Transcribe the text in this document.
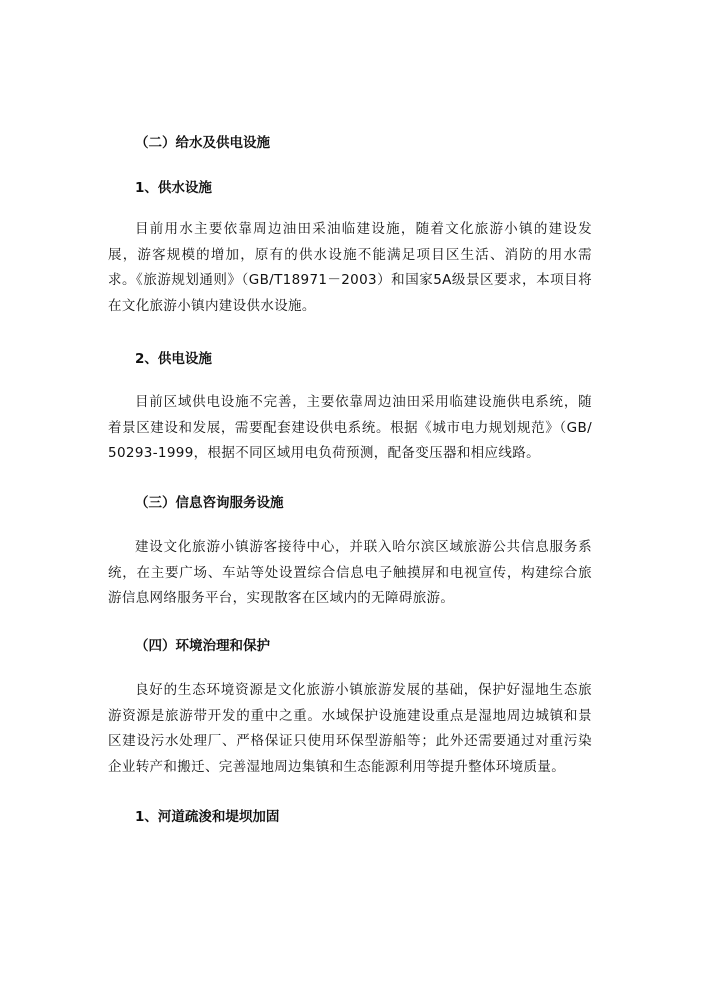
（二）给水及供电设施
1、供水设施
目前用水主要依靠周边油田采油临建设施，随着文化旅游小镇的建设发展，游客规模的增加，原有的供水设施不能满足项目区生活、消防的用水需求。《旅游规划通则》（GB/T18971－2003）和国家5A级景区要求，本项目将在文化旅游小镇内建设供水设施。
2、供电设施
目前区域供电设施不完善，主要依靠周边油田采用临建设施供电系统，随着景区建设和发展，需要配套建设供电系统。根据《城市电力规划规范》（GB/50293-1999，根据不同区域用电负荷预测，配备变压器和相应线路。
（三）信息咨询服务设施
建设文化旅游小镇游客接待中心，并联入哈尔滨区域旅游公共信息服务系统，在主要广场、车站等处设置综合信息电子触摸屏和电视宣传，构建综合旅游信息网络服务平台，实现散客在区域内的无障碍旅游。
（四）环境治理和保护
良好的生态环境资源是文化旅游小镇旅游发展的基础，保护好湿地生态旅游资源是旅游带开发的重中之重。水域保护设施建设重点是湿地周边城镇和景区建设污水处理厂、严格保证只使用环保型游船等；此外还需要通过对重污染企业转产和搬迁、完善湿地周边集镇和生态能源利用等提升整体环境质量。
1、河道疏浚和堤坝加固
